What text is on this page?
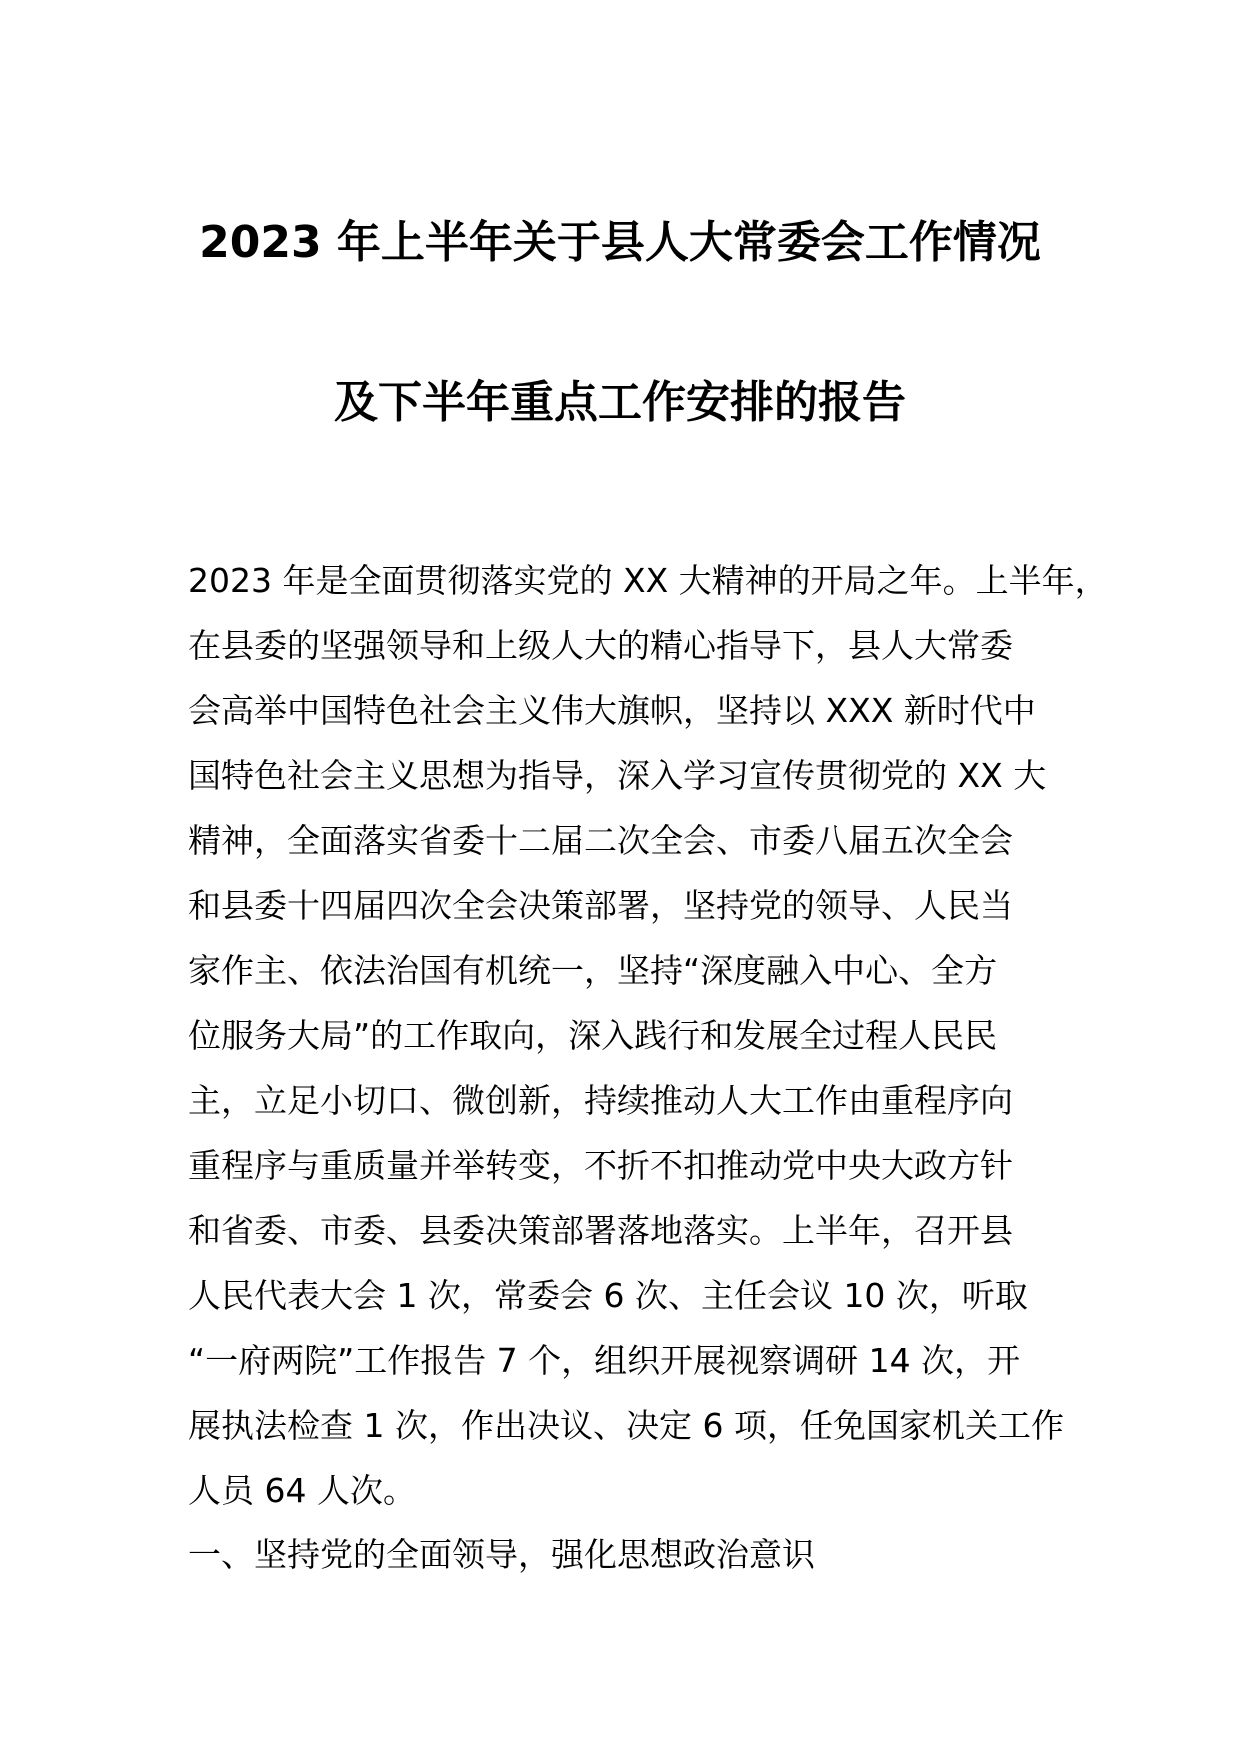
2023 年上半年关于县人大常委会工作情况
及下半年重点工作安排的报告
2023 年是全面贯彻落实党的 XX 大精神的开局之年。上半年，
在县委的坚强领导和上级人大的精心指导下，县人大常委
会高举中国特色社会主义伟大旗帜，坚持以 XXX 新时代中
国特色社会主义思想为指导，深入学习宣传贯彻党的 XX 大
精神，全面落实省委十二届二次全会、市委八届五次全会
和县委十四届四次全会决策部署，坚持党的领导、人民当
家作主、依法治国有机统一，坚持“深度融入中心、全方
位服务大局”的工作取向，深入践行和发展全过程人民民
主，立足小切口、微创新，持续推动人大工作由重程序向
重程序与重质量并举转变，不折不扣推动党中央大政方针
和省委、市委、县委决策部署落地落实。上半年，召开县
人民代表大会 1 次，常委会 6 次、主任会议 10 次，听取
“一府两院”工作报告 7 个，组织开展视察调研 14 次，开
展执法检查 1 次，作出决议、决定 6 项，任免国家机关工作
人员 64 人次。
一、坚持党的全面领导，强化思想政治意识
